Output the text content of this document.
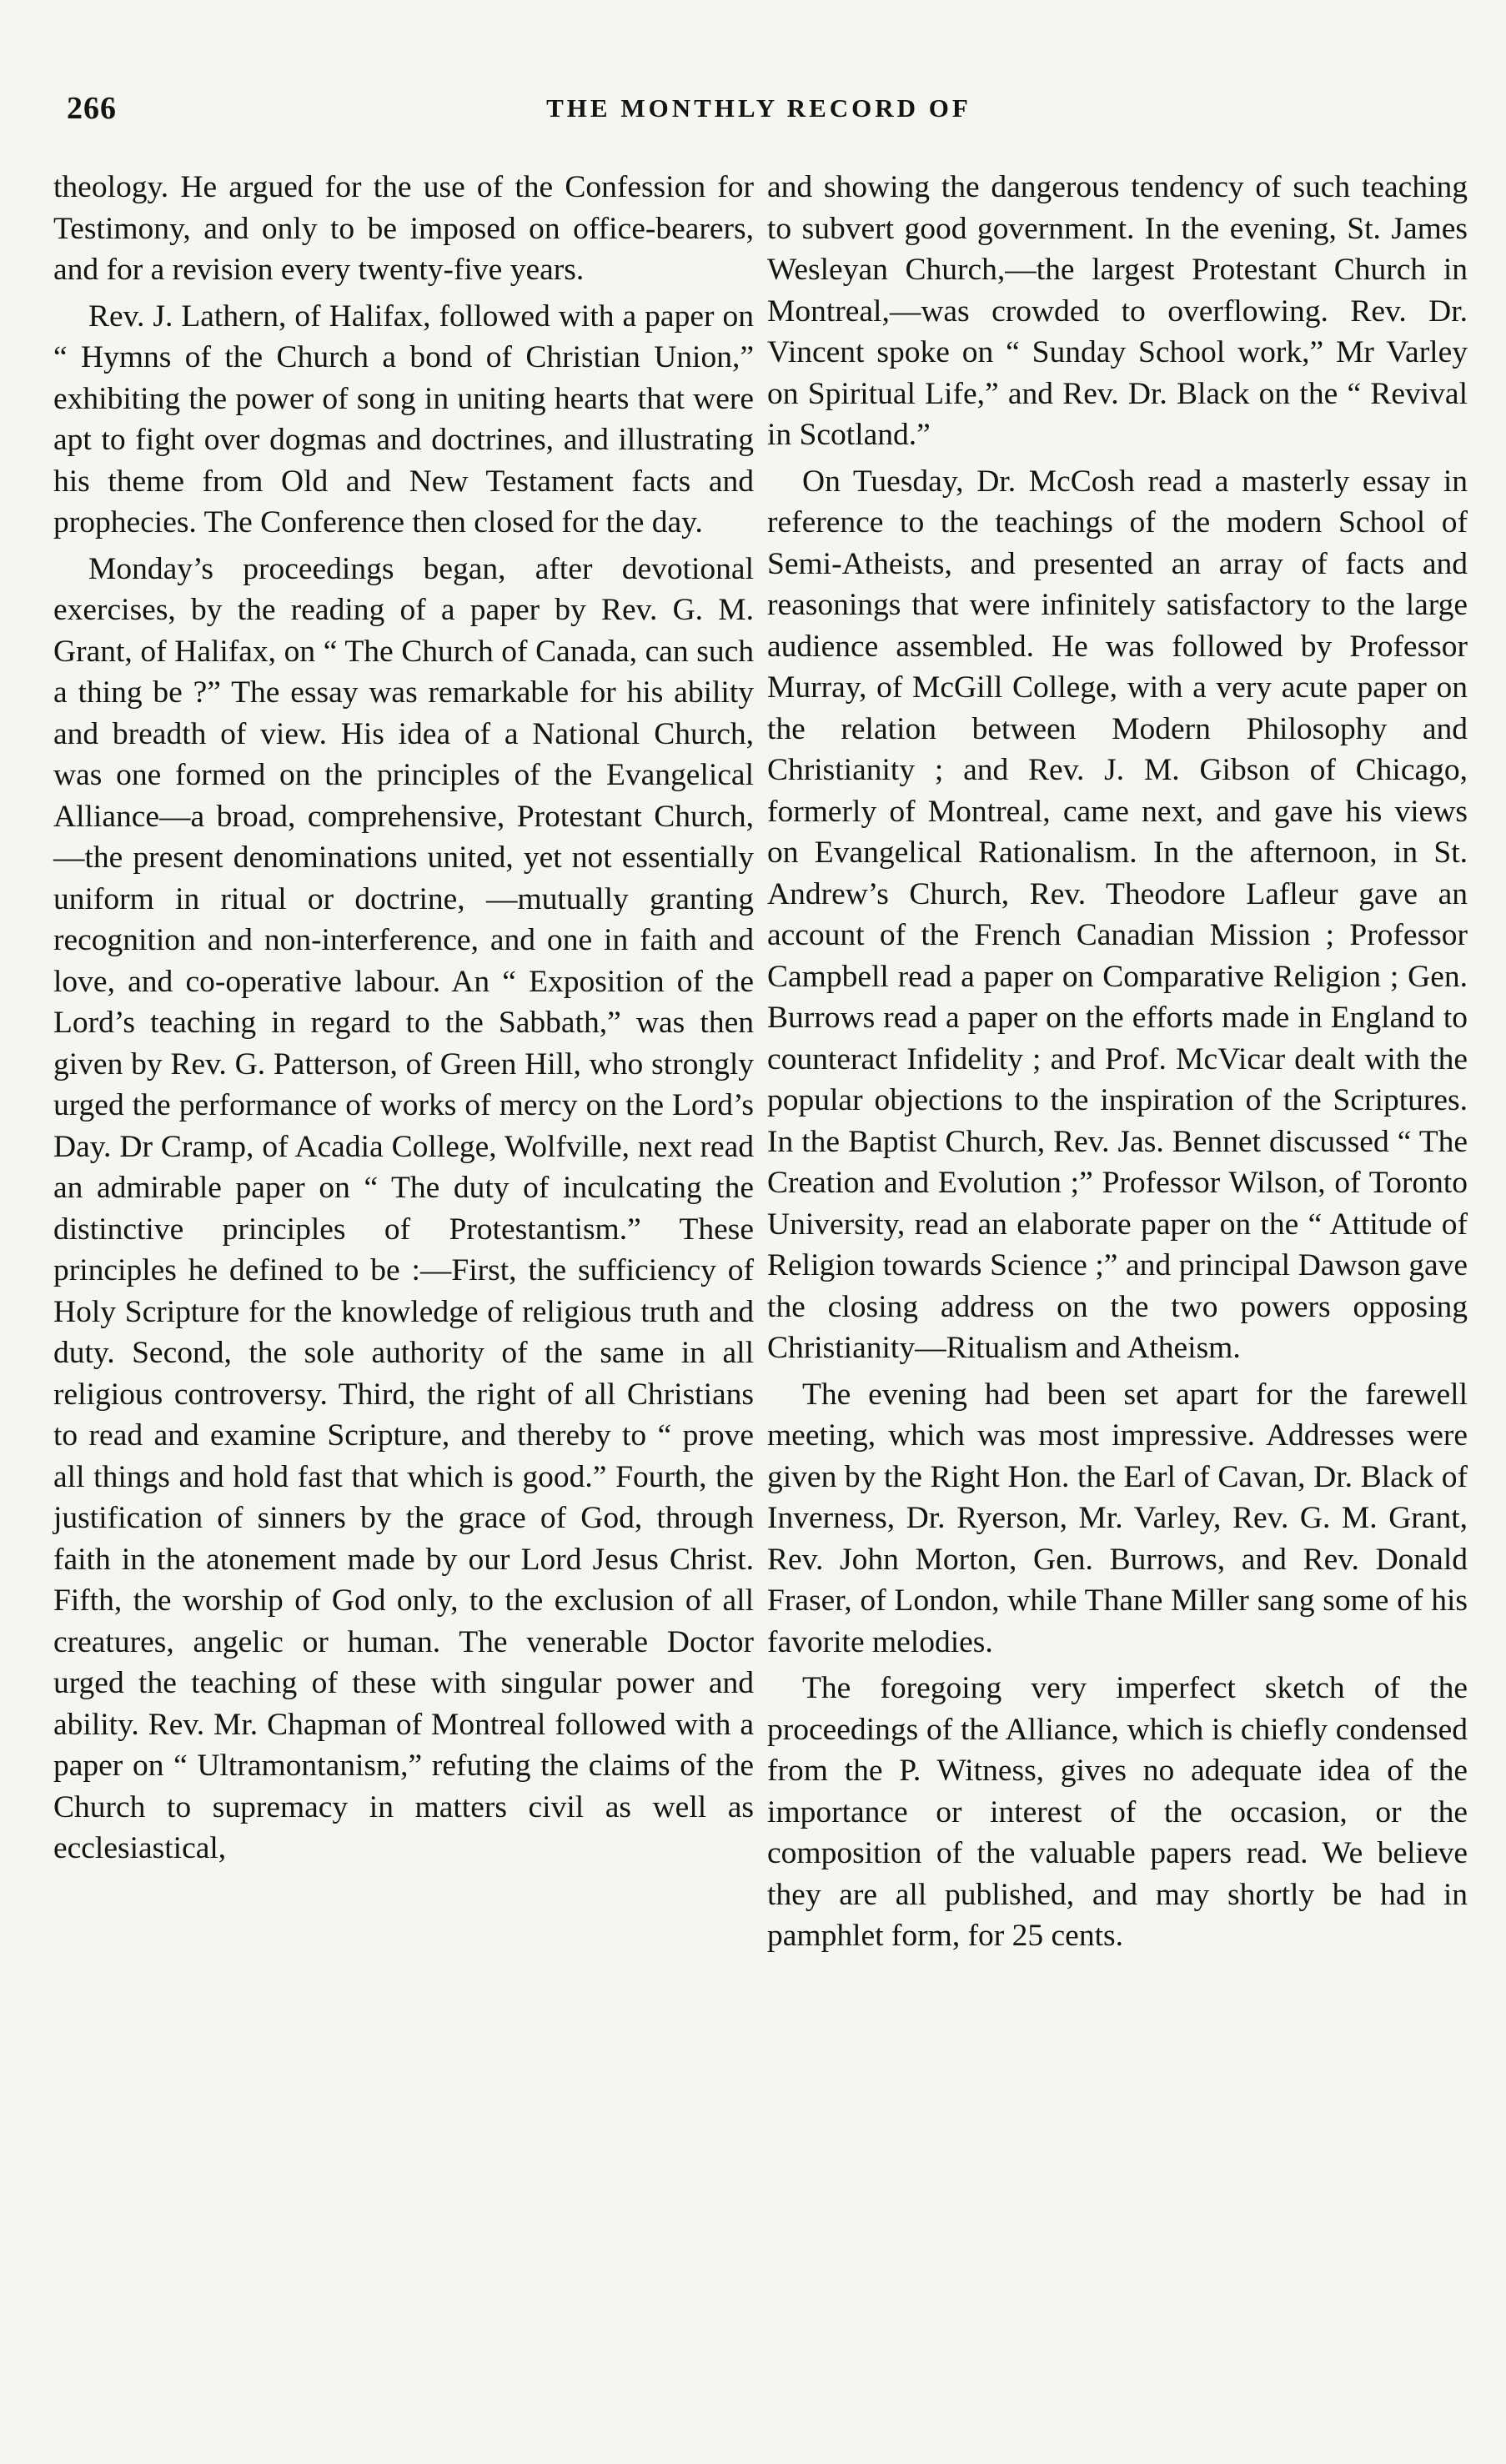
266	THE MONTHLY RECORD OF

theology. He argued for the use of the Confession for Testimony, and only to be imposed on office-bearers, and for a revision every twenty-five years.

Rev. J. Lathern, of Halifax, followed with a paper on “ Hymns of the Church a bond of Christian Union,” exhibiting the power of song in uniting hearts that were apt to fight over dogmas and doctrines, and illustrating his theme from Old and New Testament facts and prophecies. The Conference then closed for the day.

Monday’s proceedings began, after devotional exercises, by the reading of a paper by Rev. G. M. Grant, of Halifax, on “ The Church of Canada, can such a thing be ?” The essay was remarkable for his ability and breadth of view. His idea of a National Church, was one formed on the principles of the Evangelical Alliance—a broad, comprehensive, Protestant Church,—the present denominations united, yet not essentially uniform in ritual or doctrine, —mutually granting recognition and non-interference, and one in faith and love, and co-operative labour. An “ Exposition of the Lord’s teaching in regard to the Sabbath,” was then given by Rev. G. Patterson, of Green Hill, who strongly urged the performance of works of mercy on the Lord’s Day. Dr Cramp, of Acadia College, Wolfville, next read an admirable paper on “ The duty of inculcating the distinctive principles of Protestantism.” These principles he defined to be :—First, the sufficiency of Holy Scripture for the knowledge of religious truth and duty. Second, the sole authority of the same in all religious controversy. Third, the right of all Christians to read and examine Scripture, and thereby to “ prove all things and hold fast that which is good.” Fourth, the justification of sinners by the grace of God, through faith in the atonement made by our Lord Jesus Christ. Fifth, the worship of God only, to the exclusion of all creatures, angelic or human. The venerable Doctor urged the teaching of these with singular power and ability. Rev. Mr. Chapman of Montreal followed with a paper on “ Ultramontanism,” refuting the claims of the Church to supremacy in matters civil as well as ecclesiastical,

and showing the dangerous tendency of such teaching to subvert good government. In the evening, St. James Wesleyan Church,—the largest Protestant Church in Montreal,—was crowded to overflowing. Rev. Dr. Vincent spoke on “ Sunday School work,” Mr Varley on Spiritual Life,” and Rev. Dr. Black on the “ Revival in Scotland.”

On Tuesday, Dr. McCosh read a masterly essay in reference to the teachings of the modern School of Semi-Atheists, and presented an array of facts and reasonings that were infinitely satisfactory to the large audience assembled. He was followed by Professor Murray, of McGill College, with a very acute paper on the relation between Modern Philosophy and Christianity ; and Rev. J. M. Gibson of Chicago, formerly of Montreal, came next, and gave his views on Evangelical Rationalism. In the afternoon, in St. Andrew’s Church, Rev. Theodore Lafleur gave an account of the French Canadian Mission ; Professor Campbell read a paper on Comparative Religion ; Gen. Burrows read a paper on the efforts made in England to counteract Infidelity ; and Prof. McVicar dealt with the popular objections to the inspiration of the Scriptures. In the Baptist Church, Rev. Jas. Bennet discussed “ The Creation and Evolution ;” Professor Wilson, of Toronto University, read an elaborate paper on the “ Attitude of Religion towards Science ;” and principal Dawson gave the closing address on the two powers opposing Christianity—Ritualism and Atheism.

The evening had been set apart for the farewell meeting, which was most impressive. Addresses were given by the Right Hon. the Earl of Cavan, Dr. Black of Inverness, Dr. Ryerson, Mr. Varley, Rev. G. M. Grant, Rev. John Morton, Gen. Burrows, and Rev. Donald Fraser, of London, while Thane Miller sang some of his favorite melodies.

The foregoing very imperfect sketch of the proceedings of the Alliance, which is chiefly condensed from the P. Witness, gives no adequate idea of the importance or interest of the occasion, or the composition of the valuable papers read. We believe they are all published, and may shortly be had in pamphlet form, for 25 cents.
